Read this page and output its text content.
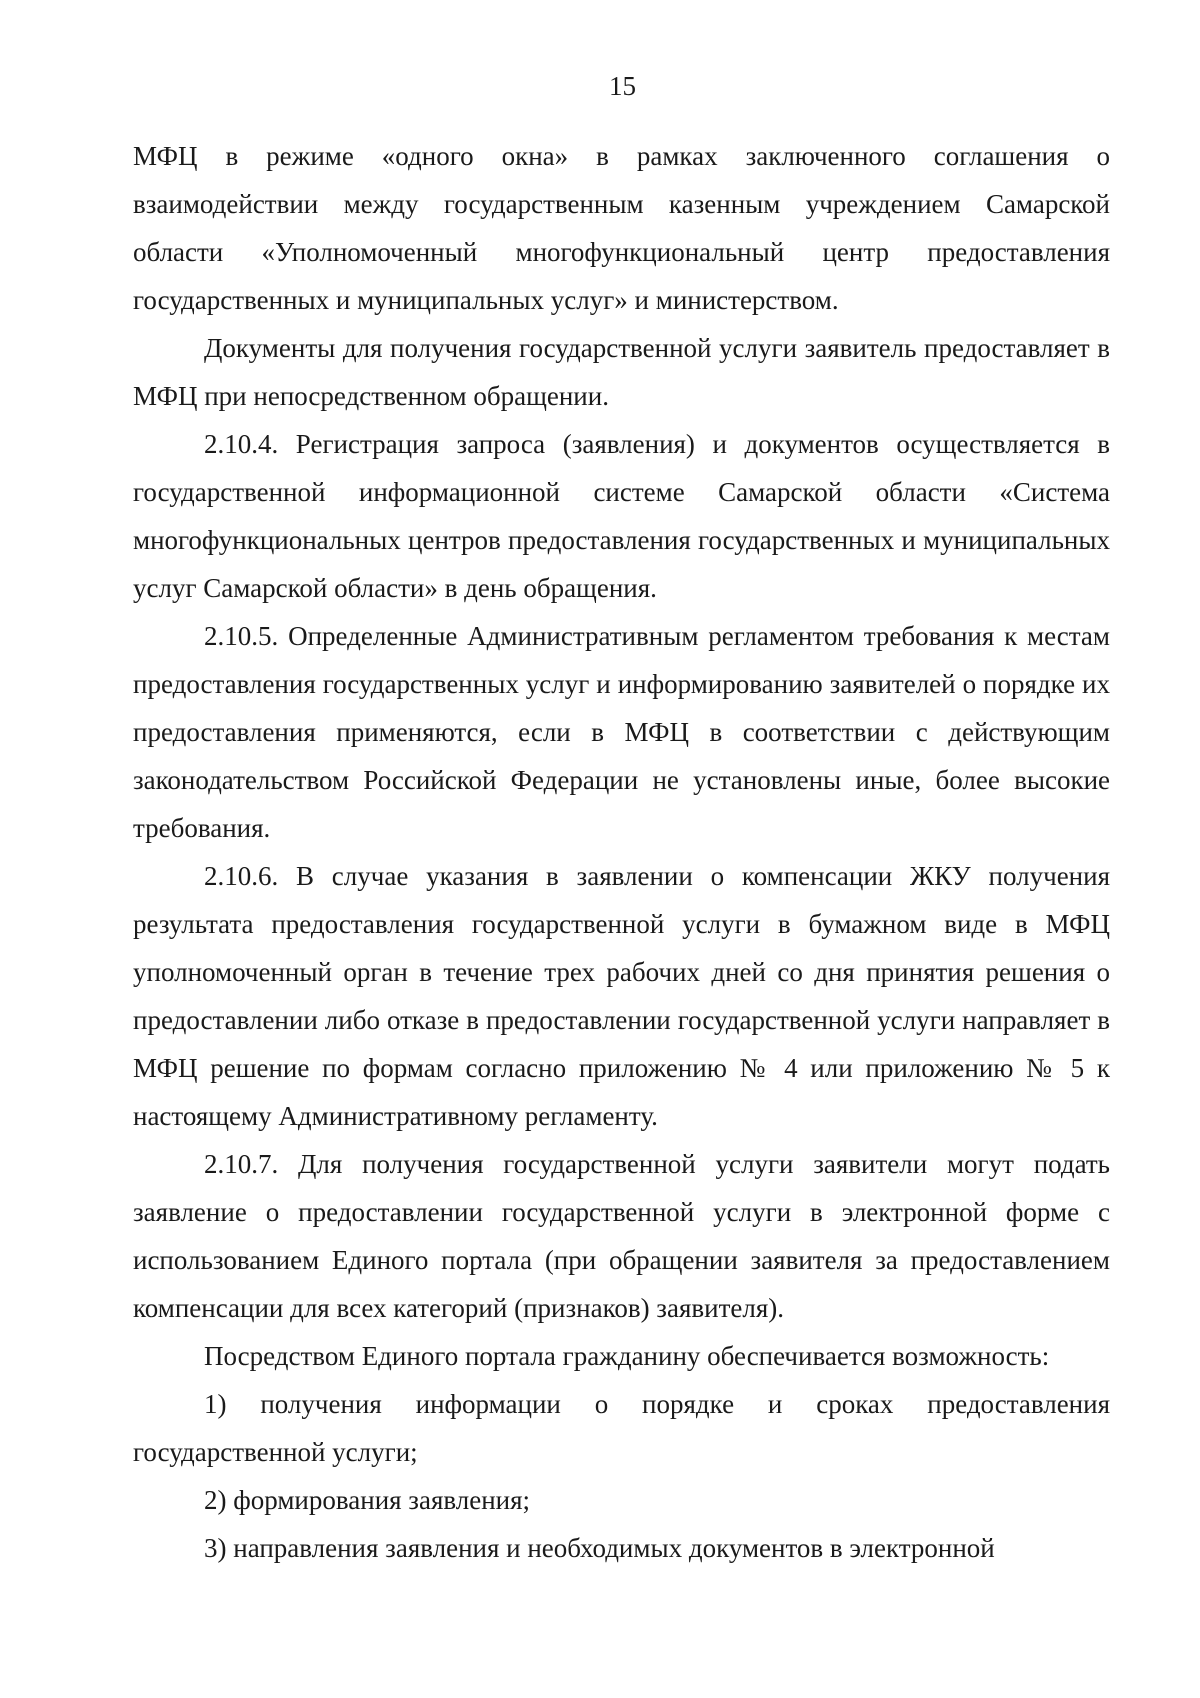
15

МФЦ в режиме «одного окна» в рамках заключенного соглашения о взаимодействии между государственным казенным учреждением Самарской области «Уполномоченный многофункциональный центр предоставления государственных и муниципальных услуг» и министерством.

Документы для получения государственной услуги заявитель предоставляет в МФЦ при непосредственном обращении.

2.10.4. Регистрация запроса (заявления) и документов осуществляется в государственной информационной системе Самарской области «Система многофункциональных центров предоставления государственных и муниципальных услуг Самарской области» в день обращения.

2.10.5. Определенные Административным регламентом требования к местам предоставления государственных услуг и информированию заявителей о порядке их предоставления применяются, если в МФЦ в соответствии с действующим законодательством Российской Федерации не установлены иные, более высокие требования.

2.10.6. В случае указания в заявлении о компенсации ЖКУ получения результата предоставления государственной услуги в бумажном виде в МФЦ уполномоченный орган в течение трех рабочих дней со дня принятия решения о предоставлении либо отказе в предоставлении государственной услуги направляет в МФЦ решение по формам согласно приложению № 4 или приложению № 5 к настоящему Административному регламенту.

2.10.7. Для получения государственной услуги заявители могут подать заявление о предоставлении государственной услуги в электронной форме с использованием Единого портала (при обращении заявителя за предоставлением компенсации для всех категорий (признаков) заявителя).

Посредством Единого портала гражданину обеспечивается возможность:

1) получения информации о порядке и сроках предоставления государственной услуги;

2) формирования заявления;

3) направления заявления и необходимых документов в электронной
